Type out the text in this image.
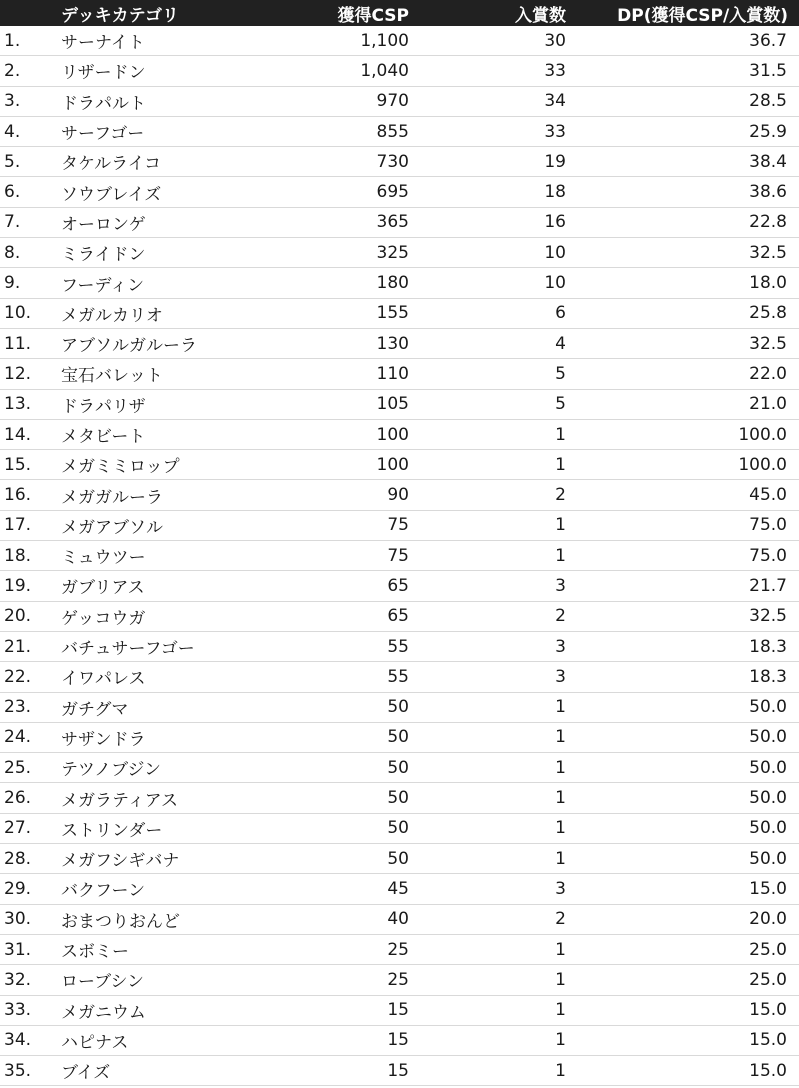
デッキカテゴリ	獲得CSP	入賞数	DP(獲得CSP/入賞数)
1.	サーナイト	1,100	30	36.7
2.	リザードン	1,040	33	31.5
3.	ドラパルト	970	34	28.5
4.	サーフゴー	855	33	25.9
5.	タケルライコ	730	19	38.4
6.	ソウブレイズ	695	18	38.6
7.	オーロンゲ	365	16	22.8
8.	ミライドン	325	10	32.5
9.	フーディン	180	10	18.0
10.	メガルカリオ	155	6	25.8
11.	アブソルガルーラ	130	4	32.5
12.	宝石バレット	110	5	22.0
13.	ドラパリザ	105	5	21.0
14.	メタビート	100	1	100.0
15.	メガミミロップ	100	1	100.0
16.	メガガルーラ	90	2	45.0
17.	メガアブソル	75	1	75.0
18.	ミュウツー	75	1	75.0
19.	ガブリアス	65	3	21.7
20.	ゲッコウガ	65	2	32.5
21.	バチュサーフゴー	55	3	18.3
22.	イワパレス	55	3	18.3
23.	ガチグマ	50	1	50.0
24.	サザンドラ	50	1	50.0
25.	テツノブジン	50	1	50.0
26.	メガラティアス	50	1	50.0
27.	ストリンダー	50	1	50.0
28.	メガフシギバナ	50	1	50.0
29.	バクフーン	45	3	15.0
30.	おまつりおんど	40	2	20.0
31.	スボミー	25	1	25.0
32.	ローブシン	25	1	25.0
33.	メガニウム	15	1	15.0
34.	ハピナス	15	1	15.0
35.	ブイズ	15	1	15.0
